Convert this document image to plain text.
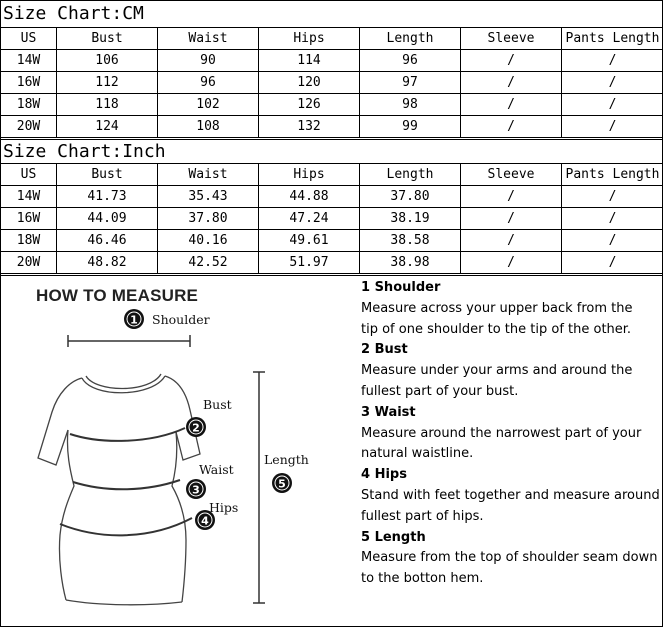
Size Chart:CM
US	Bust	Waist	Hips	Length	Sleeve	Pants Length
14W	106	90	114	96	/	/
16W	112	96	120	97	/	/
18W	118	102	126	98	/	/
20W	124	108	132	99	/	/
Size Chart:Inch
US	Bust	Waist	Hips	Length	Sleeve	Pants Length
14W	41.73	35.43	44.88	37.80	/	/
16W	44.09	37.80	47.24	38.19	/	/
18W	46.46	40.16	49.61	38.58	/	/
20W	48.82	42.52	51.97	38.98	/	/
HOW TO MEASURE
1
2
3
4
5
Shoulder
Bust
Waist
Hips
Length
1 Shoulder
Measure across your upper back from the
tip of one shoulder to the tip of the other.
2 Bust
Measure under your arms and around the
fullest part of your bust.
3 Waist
Measure around the narrowest part of your
natural waistline.
4 Hips
Stand with feet together and measure around
fullest part of hips.
5 Length
Measure from the top of shoulder seam down
to the botton hem.
